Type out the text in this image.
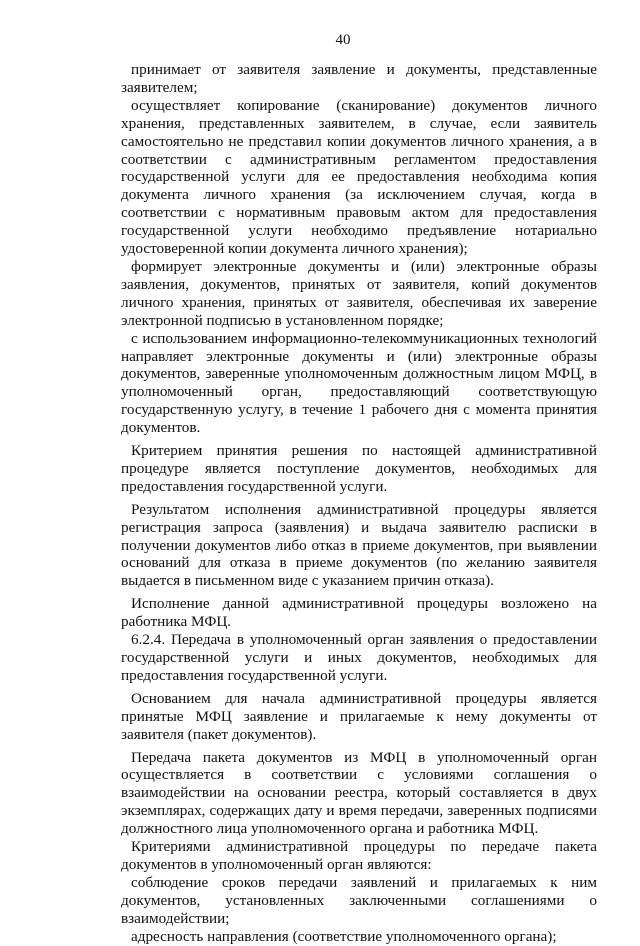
40

принимает от заявителя заявление и документы, представленные заявителем;

осуществляет копирование (сканирование) документов личного хранения, представленных заявителем, в случае, если заявитель самостоятельно не представил копии документов личного хранения, а в соответствии с административным регламентом предоставления государственной услуги для ее предоставления необходима копия документа личного хранения (за исключением случая, когда в соответствии с нормативным правовым актом для предоставления государственной услуги необходимо предъявление нотариально удостоверенной копии документа личного хранения);

формирует электронные документы и (или) электронные образы заявления, документов, принятых от заявителя, копий документов личного хранения, принятых от заявителя, обеспечивая их заверение электронной подписью в установленном порядке;

с использованием информационно-телекоммуникационных технологий направляет электронные документы и (или) электронные образы документов, заверенные уполномоченным должностным лицом МФЦ, в уполномоченный орган, предоставляющий соответствующую государственную услугу, в течение 1 рабочего дня с момента принятия документов.

Критерием принятия решения по настоящей административной процедуре является поступление документов, необходимых для предоставления государственной услуги.

Результатом исполнения административной процедуры является регистрация запроса (заявления) и выдача заявителю расписки в получении документов либо отказ в приеме документов, при выявлении оснований для отказа в приеме документов (по желанию заявителя выдается в письменном виде с указанием причин отказа).

Исполнение данной административной процедуры возложено на работника МФЦ.

6.2.4. Передача в уполномоченный орган заявления о предоставлении государственной услуги и иных документов, необходимых для предоставления государственной услуги.

Основанием для начала административной процедуры является принятые МФЦ заявление и прилагаемые к нему документы от заявителя (пакет документов).

Передача пакета документов из МФЦ в уполномоченный орган осуществляется в соответствии с условиями соглашения о взаимодействии на основании реестра, который составляется в двух экземплярах, содержащих дату и время передачи, заверенных подписями должностного лица уполномоченного органа и работника МФЦ.

Критериями административной процедуры по передаче пакета документов в уполномоченный орган являются:

соблюдение сроков передачи заявлений и прилагаемых к ним документов, установленных заключенными соглашениями о взаимодействии;

адресность направления (соответствие уполномоченного органа);
